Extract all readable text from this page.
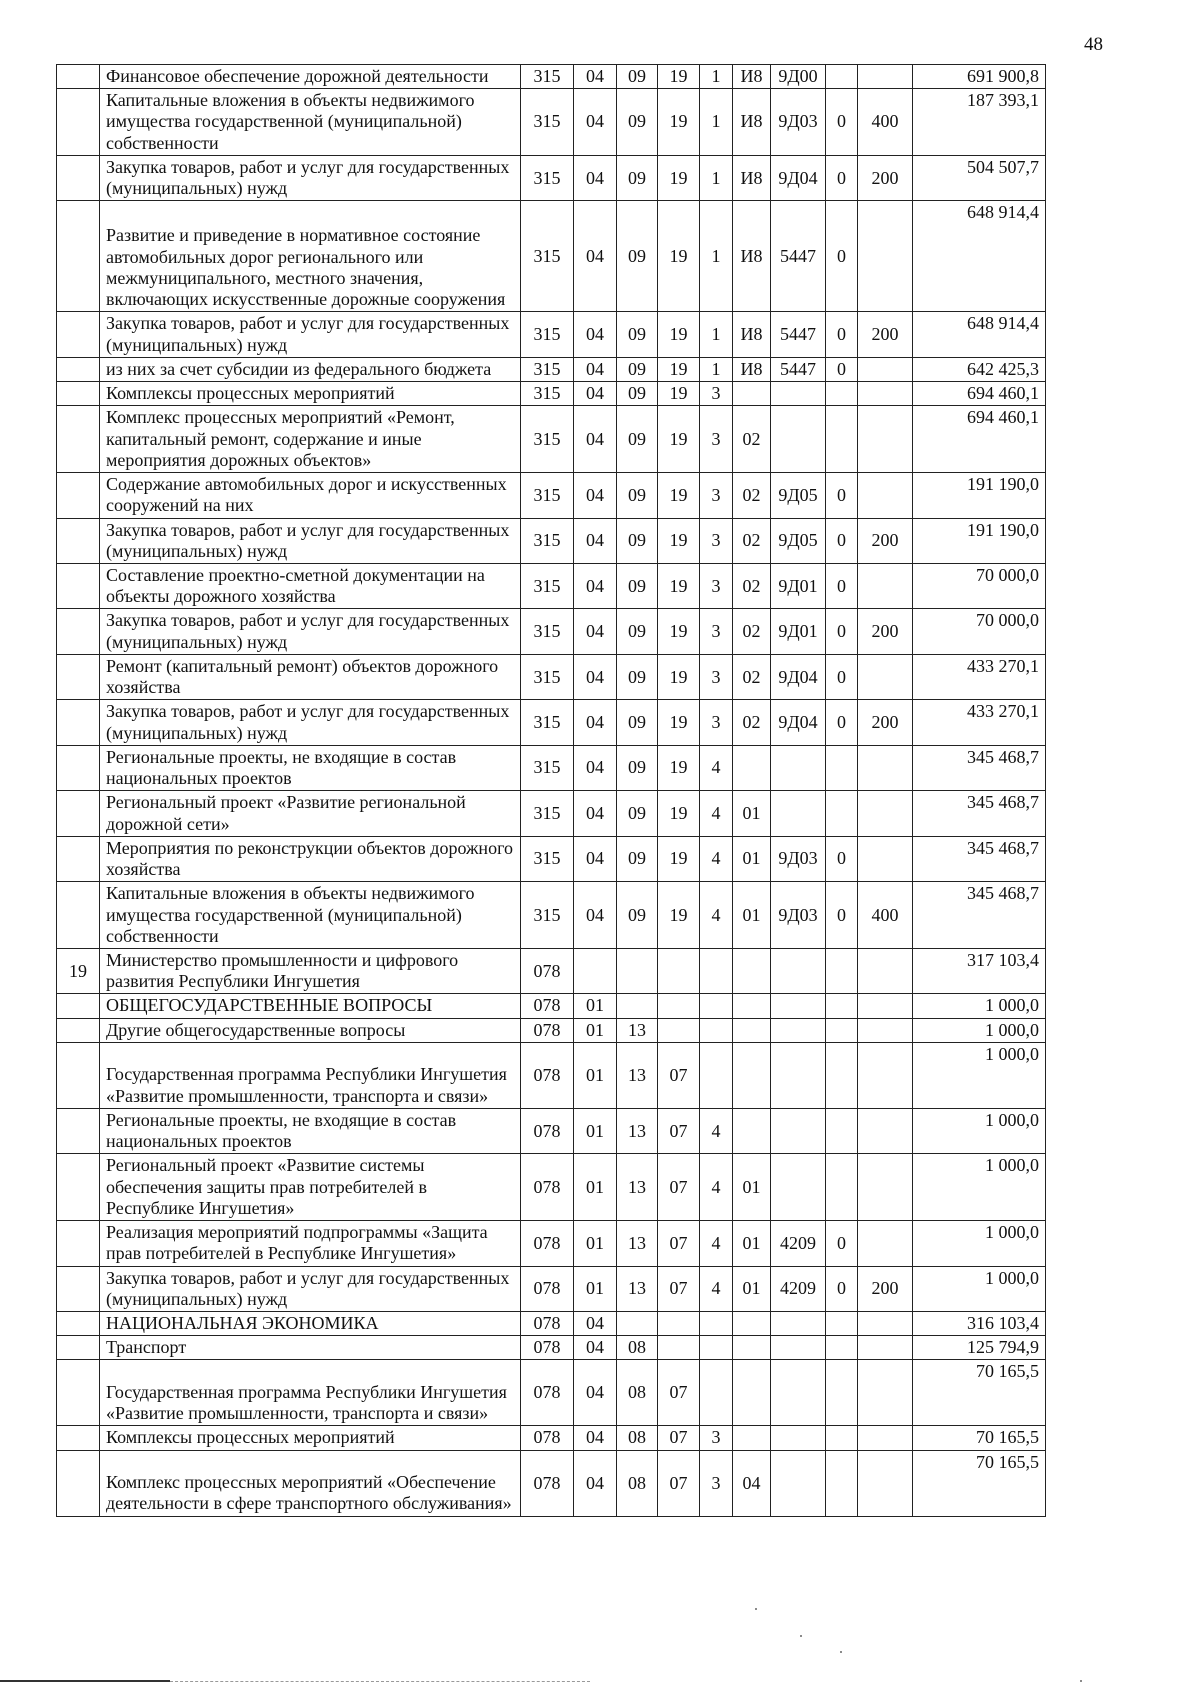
48
	Финансовое обеспечение дорожной деятельности	315	04	09	19	1	И8	9Д00			691 900,8
	Капитальные вложения в объекты недвижимого имущества государственной (муниципальной) собственности	315	04	09	19	1	И8	9Д03	0	400	187 393,1
	Закупка товаров, работ и услуг для государственных (муниципальных) нужд	315	04	09	19	1	И8	9Д04	0	200	504 507,7
	Развитие и приведение в нормативное состояние автомобильных дорог регионального или межмуниципального, местного значения, включающих искусственные дорожные сооружения	315	04	09	19	1	И8	5447	0		648 914,4
	Закупка товаров, работ и услуг для государственных (муниципальных) нужд	315	04	09	19	1	И8	5447	0	200	648 914,4
	из них за счет субсидии из федерального бюджета	315	04	09	19	1	И8	5447	0		642 425,3
	Комплексы процессных мероприятий	315	04	09	19	3					694 460,1
	Комплекс процессных мероприятий «Ремонт, капитальный ремонт, содержание и иные мероприятия дорожных объектов»	315	04	09	19	3	02				694 460,1
	Содержание автомобильных дорог и искусственных сооружений на них	315	04	09	19	3	02	9Д05	0		191 190,0
	Закупка товаров, работ и услуг для государственных (муниципальных) нужд	315	04	09	19	3	02	9Д05	0	200	191 190,0
	Составление проектно-сметной документации на объекты дорожного хозяйства	315	04	09	19	3	02	9Д01	0		70 000,0
	Закупка товаров, работ и услуг для государственных (муниципальных) нужд	315	04	09	19	3	02	9Д01	0	200	70 000,0
	Ремонт (капитальный ремонт) объектов дорожного хозяйства	315	04	09	19	3	02	9Д04	0		433 270,1
	Закупка товаров, работ и услуг для государственных (муниципальных) нужд	315	04	09	19	3	02	9Д04	0	200	433 270,1
	Региональные проекты, не входящие в состав национальных проектов	315	04	09	19	4					345 468,7
	Региональный проект «Развитие региональной дорожной сети»	315	04	09	19	4	01				345 468,7
	Мероприятия по реконструкции объектов дорожного хозяйства	315	04	09	19	4	01	9Д03	0		345 468,7
	Капитальные вложения в объекты недвижимого имущества государственной (муниципальной) собственности	315	04	09	19	4	01	9Д03	0	400	345 468,7
19	Министерство промышленности и цифрового развития Республики Ингушетия	078									317 103,4
	ОБЩЕГОСУДАРСТВЕННЫЕ ВОПРОСЫ	078	01								1 000,0
	Другие общегосударственные вопросы	078	01	13							1 000,0
	Государственная программа Республики Ингушетия «Развитие промышленности, транспорта и связи»	078	01	13	07						1 000,0
	Региональные проекты, не входящие в состав национальных проектов	078	01	13	07	4					1 000,0
	Региональный проект «Развитие системы обеспечения защиты прав потребителей в Республике Ингушетия»	078	01	13	07	4	01				1 000,0
	Реализация мероприятий подпрограммы «Защита прав потребителей в Республике Ингушетия»	078	01	13	07	4	01	4209	0		1 000,0
	Закупка товаров, работ и услуг для государственных (муниципальных) нужд	078	01	13	07	4	01	4209	0	200	1 000,0
	НАЦИОНАЛЬНАЯ ЭКОНОМИКА	078	04								316 103,4
	Транспорт	078	04	08							125 794,9
	Государственная программа Республики Ингушетия «Развитие промышленности, транспорта и связи»	078	04	08	07						70 165,5
	Комплексы процессных мероприятий	078	04	08	07	3					70 165,5
	Комплекс процессных мероприятий «Обеспечение деятельности в сфере транспортного обслуживания»	078	04	08	07	3	04				70 165,5
